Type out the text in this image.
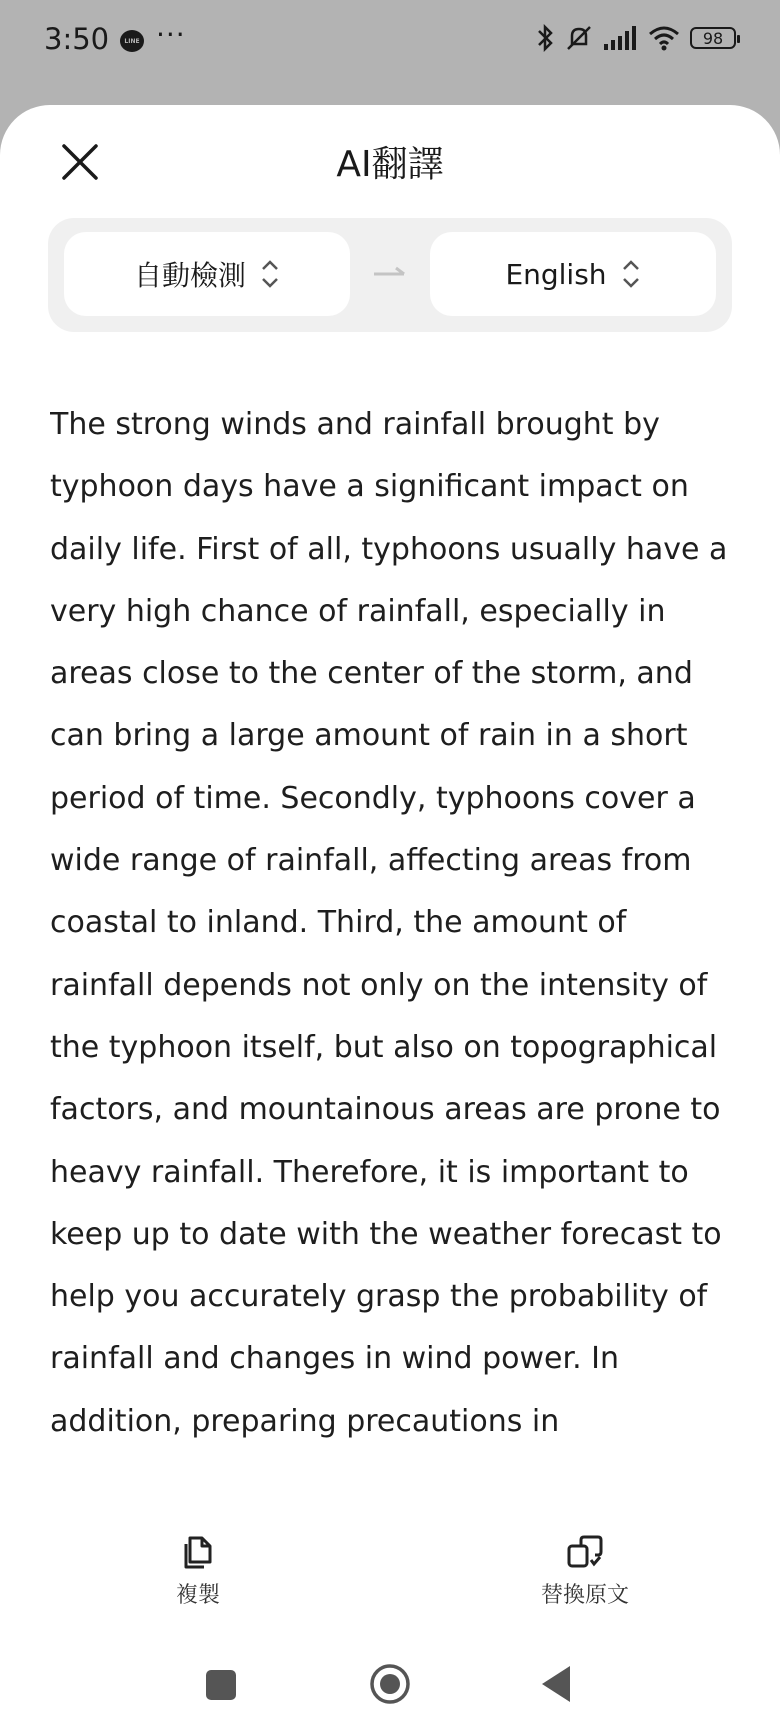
3:50	LINE ···	98
AI翻譯
自動檢測	English

The strong winds and rainfall brought by typhoon days have a significant impact on daily life. First of all, typhoons usually have a very high chance of rainfall, especially in areas close to the center of the storm, and can bring a large amount of rain in a short period of time. Secondly, typhoons cover a wide range of rainfall, affecting areas from coastal to inland. Third, the amount of rainfall depends not only on the intensity of the typhoon itself, but also on topographical factors, and mountainous areas are prone to heavy rainfall. Therefore, it is important to keep up to date with the weather forecast to help you accurately grasp the probability of rainfall and changes in wind power. In addition, preparing precautions in

複製	替換原文
